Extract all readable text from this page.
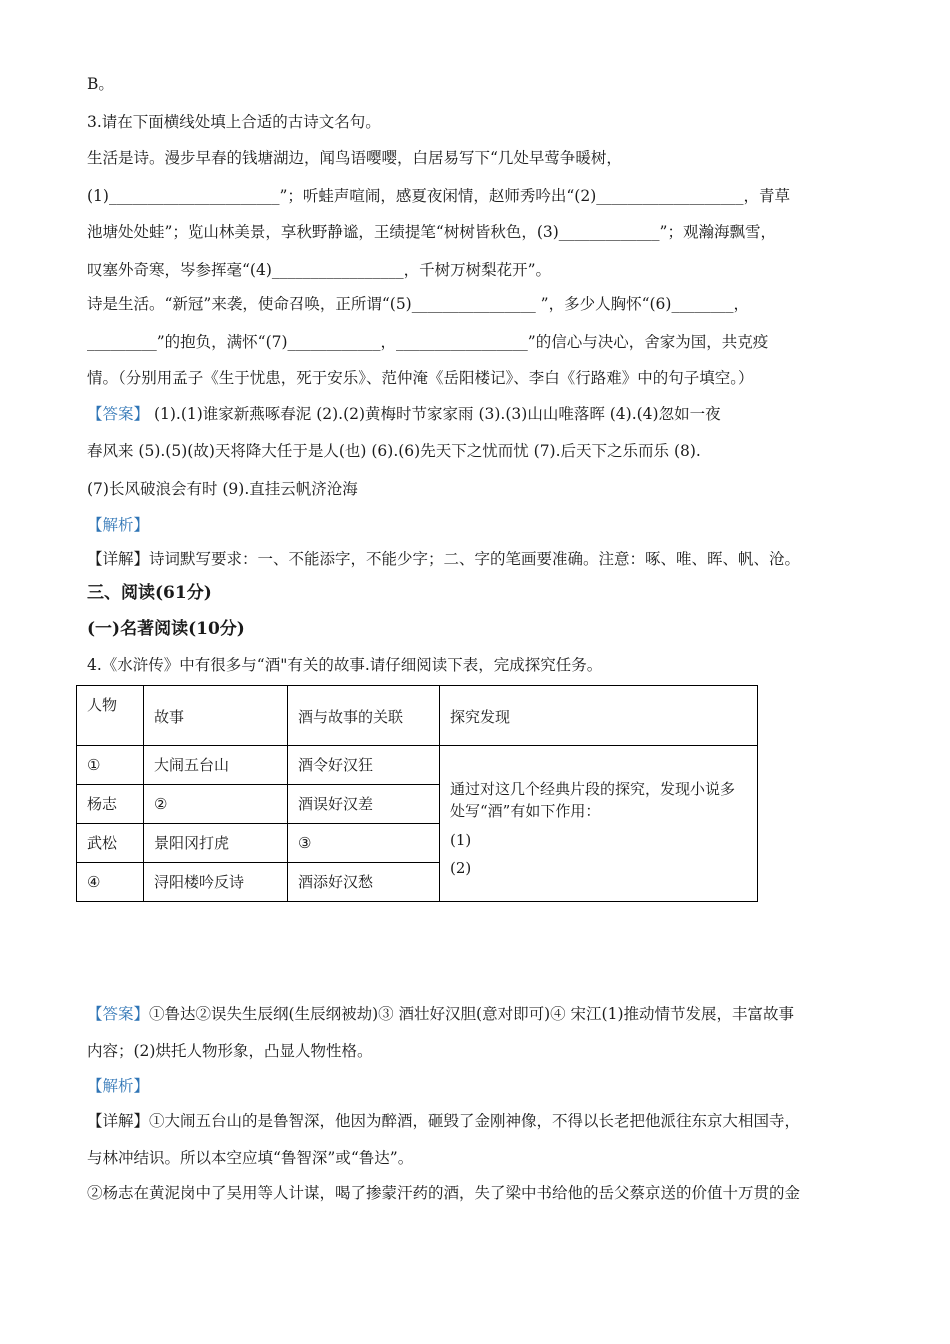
B。
3.请在下面横线处填上合适的古诗文名句。
生活是诗。漫步早春的钱塘湖边，闻鸟语嘤嘤，白居易写下“几处早莺争暖树，
(1)______________________”；听蛙声喧闹，感夏夜闲情，赵师秀吟出“(2)___________________，青草
池塘处处蛙”；览山林美景，享秋野静谧，王绩提笔“树树皆秋色，(3)_____________”；观瀚海飘雪，
叹塞外奇寒，岑参挥毫“(4)_________________，千树万树梨花开”。
诗是生活。“新冠”来袭，使命召唤，正所谓“(5)________________ ”，多少人胸怀“(6)________，
_________”的抱负，满怀“(7)____________，_________________”的信心与决心，舍家为国，共克疫
情。（分别用孟子《生于忧患，死于安乐》、范仲淹《岳阳楼记》、李白《行路难》中的句子填空。）
【答案】 (1).(1)谁家新燕啄春泥 (2).(2)黄梅时节家家雨 (3).(3)山山唯落晖 (4).(4)忽如一夜
春风来 (5).(5)(故)天将降大任于是人(也) (6).(6)先天下之忧而忧 (7).后天下之乐而乐 (8).
(7)长风破浪会有时 (9).直挂云帆济沧海
【解析】
【详解】诗词默写要求：一、不能添字，不能少字；二、字的笔画要准确。注意：啄、唯、晖、帆、沧。
三、阅读(61分)
(一)名著阅读(10分)
4.《水浒传》中有很多与“酒"有关的故事.请仔细阅读下表，完成探究任务。
人物	故事	酒与故事的关联	探究发现
①	大闹五台山	酒令好汉狂	通过对这几个经典片段的探究，发现小说多处写“酒”有如下作用：
(1)
(2)

杨志	②	酒误好汉差	
武松	景阳冈打虎	③	
④	浔阳楼吟反诗	酒添好汉愁	
【答案】①鲁达②误失生辰纲(生辰纲被劫)③ 酒壮好汉胆(意对即可)④ 宋江(1)推动情节发展，丰富故事
内容；(2)烘托人物形象，凸显人物性格。
【解析】
【详解】①大闹五台山的是鲁智深，他因为醉酒，砸毁了金刚神像，不得以长老把他派往东京大相国寺，
与林冲结识。所以本空应填“鲁智深”或“鲁达”。
②杨志在黄泥岗中了吴用等人计谋，喝了掺蒙汗药的酒，失了梁中书给他的岳父蔡京送的价值十万贯的金
